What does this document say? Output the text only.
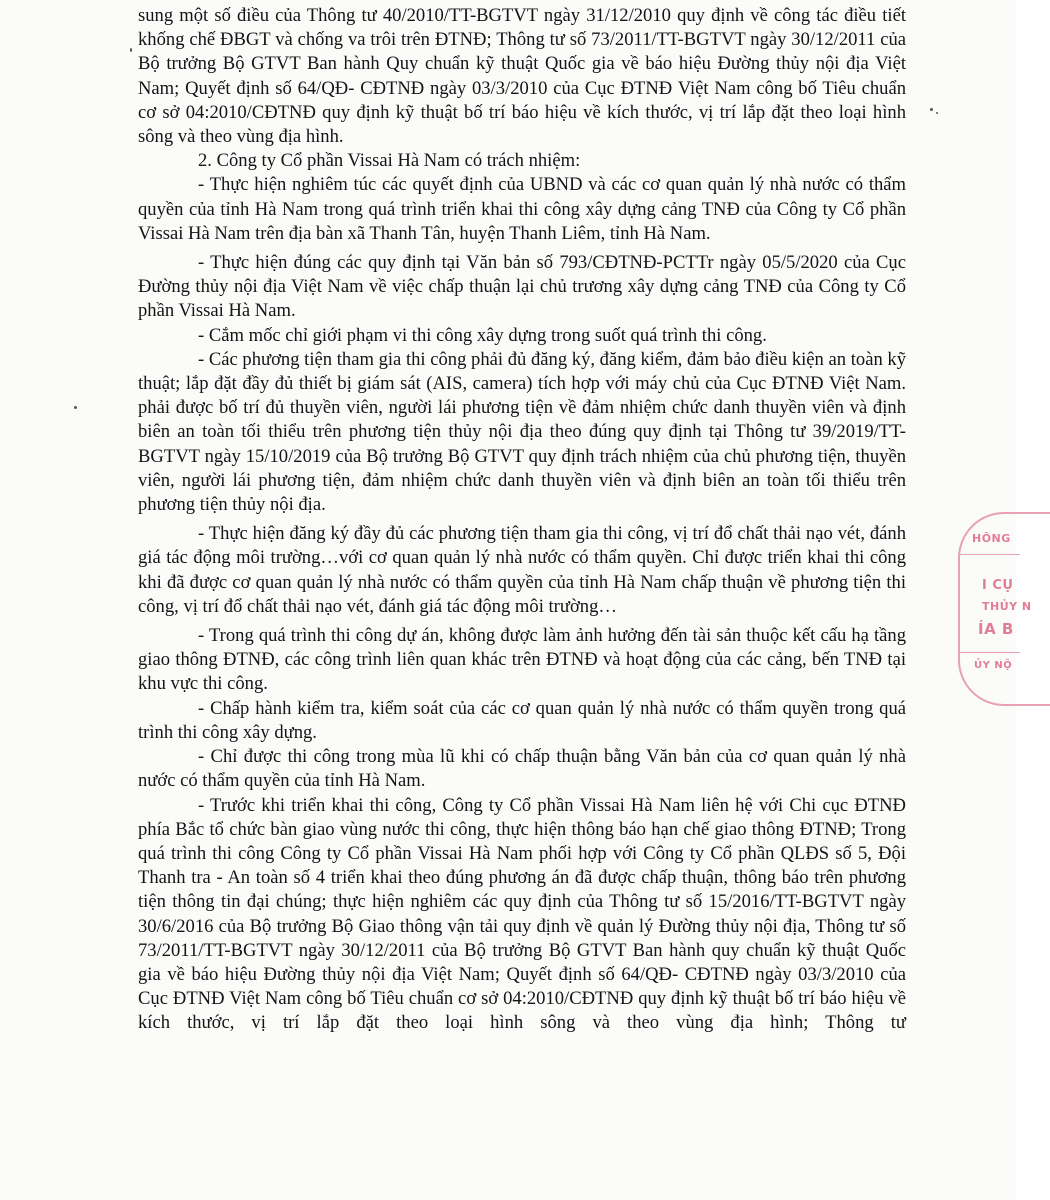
sung một số điều của Thông tư 40/2010/TT-BGTVT ngày 31/12/2010 quy định về công tác điều tiết khống chế ĐBGT và chống va trôi trên ĐTNĐ; Thông tư số 73/2011/TT-BGTVT ngày 30/12/2011 của Bộ trưởng Bộ GTVT Ban hành Quy chuẩn kỹ thuật Quốc gia về báo hiệu Đường thủy nội địa Việt Nam; Quyết định số 64/QĐ- CĐTNĐ ngày 03/3/2010 của Cục ĐTNĐ Việt Nam công bố Tiêu chuẩn cơ sở 04:2010/CĐTNĐ quy định kỹ thuật bố trí báo hiệu về kích thước, vị trí lắp đặt theo loại hình sông và theo vùng địa hình.

2. Công ty Cổ phần Vissai Hà Nam có trách nhiệm:

- Thực hiện nghiêm túc các quyết định của UBND và các cơ quan quản lý nhà nước có thẩm quyền của tỉnh Hà Nam trong quá trình triển khai thi công xây dựng cảng TNĐ của Công ty Cổ phần Vissai Hà Nam trên địa bàn xã Thanh Tân, huyện Thanh Liêm, tỉnh Hà Nam.

- Thực hiện đúng các quy định tại Văn bản số 793/CĐTNĐ-PCTTr ngày 05/5/2020 của Cục Đường thủy nội địa Việt Nam về việc chấp thuận lại chủ trương xây dựng cảng TNĐ của Công ty Cổ phần Vissai Hà Nam.

- Cắm mốc chỉ giới phạm vi thi công xây dựng trong suốt quá trình thi công.

- Các phương tiện tham gia thi công phải đủ đăng ký, đăng kiểm, đảm bảo điều kiện an toàn kỹ thuật; lắp đặt đầy đủ thiết bị giám sát (AIS, camera) tích hợp với máy chủ của Cục ĐTNĐ Việt Nam. phải được bố trí đủ thuyền viên, người lái phương tiện về đảm nhiệm chức danh thuyền viên và định biên an toàn tối thiểu trên phương tiện thủy nội địa theo đúng quy định tại Thông tư 39/2019/TT-BGTVT ngày 15/10/2019 của Bộ trưởng Bộ GTVT quy định trách nhiệm của chủ phương tiện, thuyền viên, người lái phương tiện, đảm nhiệm chức danh thuyền viên và định biên an toàn tối thiểu trên phương tiện thủy nội địa.

- Thực hiện đăng ký đầy đủ các phương tiện tham gia thi công, vị trí đổ chất thải nạo vét, đánh giá tác động môi trường…với cơ quan quản lý nhà nước có thẩm quyền. Chỉ được triển khai thi công khi đã được cơ quan quản lý nhà nước có thẩm quyền của tỉnh Hà Nam chấp thuận về phương tiện thi công, vị trí đổ chất thải nạo vét, đánh giá tác động môi trường…

- Trong quá trình thi công dự án, không được làm ảnh hưởng đến tài sản thuộc kết cấu hạ tầng giao thông ĐTNĐ, các công trình liên quan khác trên ĐTNĐ và hoạt động của các cảng, bến TNĐ tại khu vực thi công.

- Chấp hành kiểm tra, kiểm soát của các cơ quan quản lý nhà nước có thẩm quyền trong quá trình thi công xây dựng.

- Chỉ được thi công trong mùa lũ khi có chấp thuận bằng Văn bản của cơ quan quản lý nhà nước có thẩm quyền của tỉnh Hà Nam.

- Trước khi triển khai thi công, Công ty Cổ phần Vissai Hà Nam liên hệ với Chi cục ĐTNĐ phía Bắc tổ chức bàn giao vùng nước thi công, thực hiện thông báo hạn chế giao thông ĐTNĐ; Trong quá trình thi công Công ty Cổ phần Vissai Hà Nam phối hợp với Công ty Cổ phần QLĐS số 5, Đội Thanh tra - An toàn số 4 triển khai theo đúng phương án đã được chấp thuận, thông báo trên phương tiện thông tin đại chúng; thực hiện nghiêm các quy định của Thông tư số 15/2016/TT-BGTVT ngày 30/6/2016 của Bộ trưởng Bộ Giao thông vận tải quy định về quản lý Đường thủy nội địa, Thông tư số 73/2011/TT-BGTVT ngày 30/12/2011 của Bộ trưởng Bộ GTVT Ban hành quy chuẩn kỹ thuật Quốc gia về báo hiệu Đường thủy nội địa Việt Nam; Quyết định số 64/QĐ- CĐTNĐ ngày 03/3/2010 của Cục ĐTNĐ Việt Nam công bố Tiêu chuẩn cơ sở 04:2010/CĐTNĐ quy định kỹ thuật bố trí báo hiệu về kích thước, vị trí lắp đặt theo loại hình sông và theo vùng địa hình; Thông tư

HÔNG
I CỤ
THỦY N
ÍA B
ỦY NỘ
